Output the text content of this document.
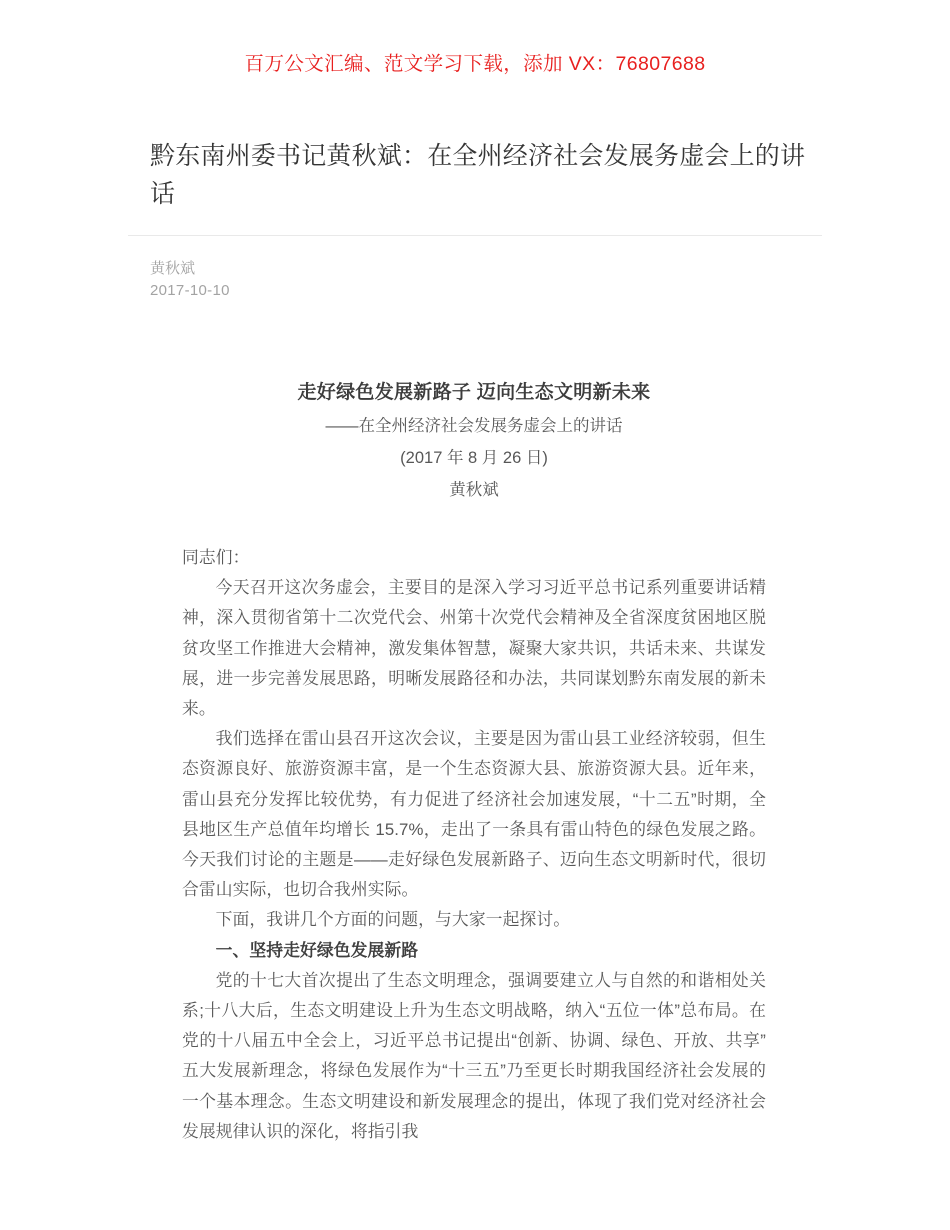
百万公文汇编、范文学习下载，添加 VX：76807688
黔东南州委书记黄秋斌：在全州经济社会发展务虚会上的讲话
黄秋斌
2017-10-10
走好绿色发展新路子 迈向生态文明新未来
——在全州经济社会发展务虚会上的讲话
(2017 年 8 月 26 日)
黄秋斌

同志们：

今天召开这次务虚会，主要目的是深入学习习近平总书记系列重要讲话精神，深入贯彻省第十二次党代会、州第十次党代会精神及全省深度贫困地区脱贫攻坚工作推进大会精神，激发集体智慧，凝聚大家共识，共话未来、共谋发展，进一步完善发展思路，明晰发展路径和办法，共同谋划黔东南发展的新未来。

我们选择在雷山县召开这次会议，主要是因为雷山县工业经济较弱，但生态资源良好、旅游资源丰富，是一个生态资源大县、旅游资源大县。近年来，雷山县充分发挥比较优势，有力促进了经济社会加速发展，“十二五”时期，全县地区生产总值年均增长 15.7%，走出了一条具有雷山特色的绿色发展之路。今天我们讨论的主题是——走好绿色发展新路子、迈向生态文明新时代，很切合雷山实际，也切合我州实际。

下面，我讲几个方面的问题，与大家一起探讨。

一、坚持走好绿色发展新路

党的十七大首次提出了生态文明理念，强调要建立人与自然的和谐相处关系;十八大后，生态文明建设上升为生态文明战略，纳入“五位一体”总布局。在党的十八届五中全会上，习近平总书记提出“创新、协调、绿色、开放、共享”五大发展新理念，将绿色发展作为“十三五”乃至更长时期我国经济社会发展的一个基本理念。生态文明建设和新发展理念的提出，体现了我们党对经济社会发展规律认识的深化，将指引我
